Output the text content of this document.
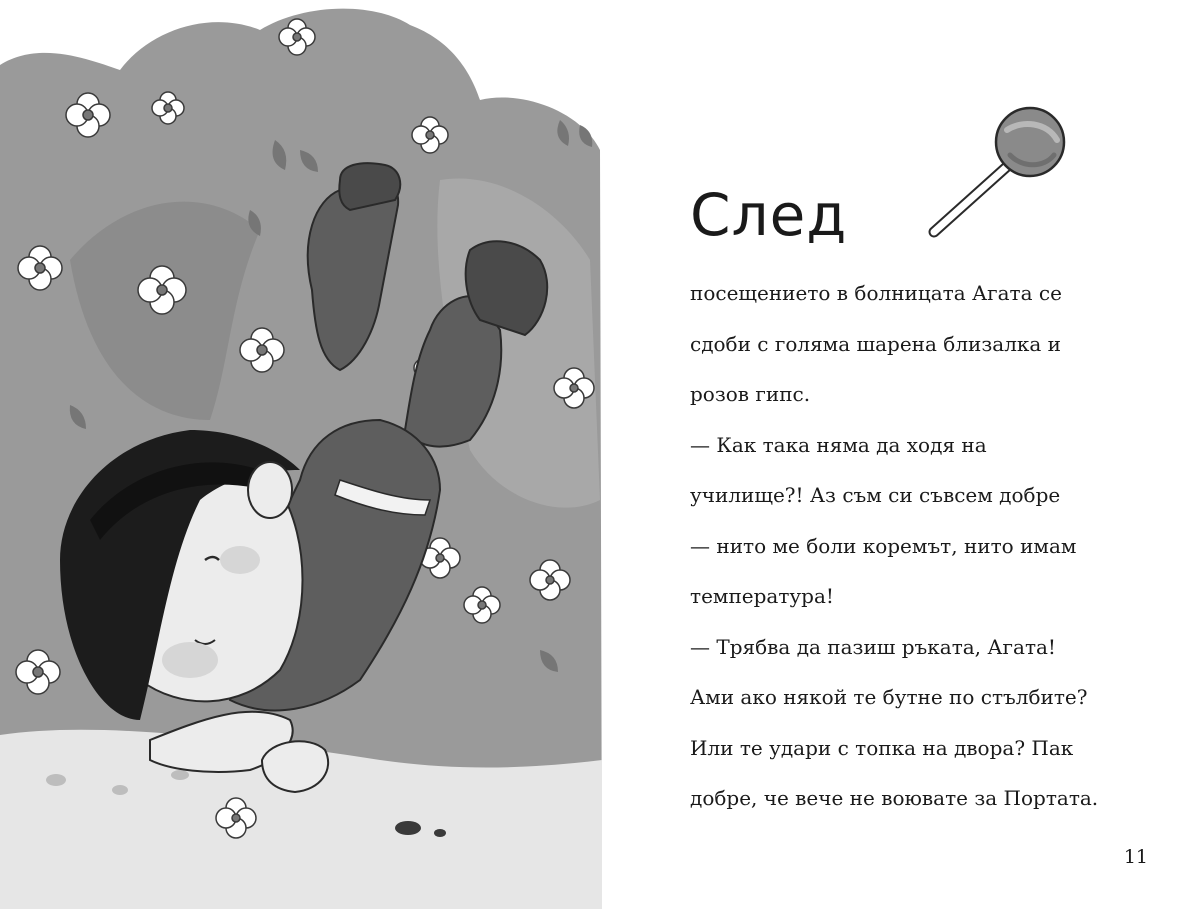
След
посещението в болницата Агата се
сдоби с голяма шарена близалка и
розов гипс.
— Как така няма да ходя на
училище?! Аз съм си съвсем добре
— нито ме боли коремът, нито имам
температура!
— Трябва да пазиш ръката, Агата!
Ами ако някой те бутне по стълбите?
Или те удари с топка на двора? Пак
добре, че вече не воювате за Портата.
11
